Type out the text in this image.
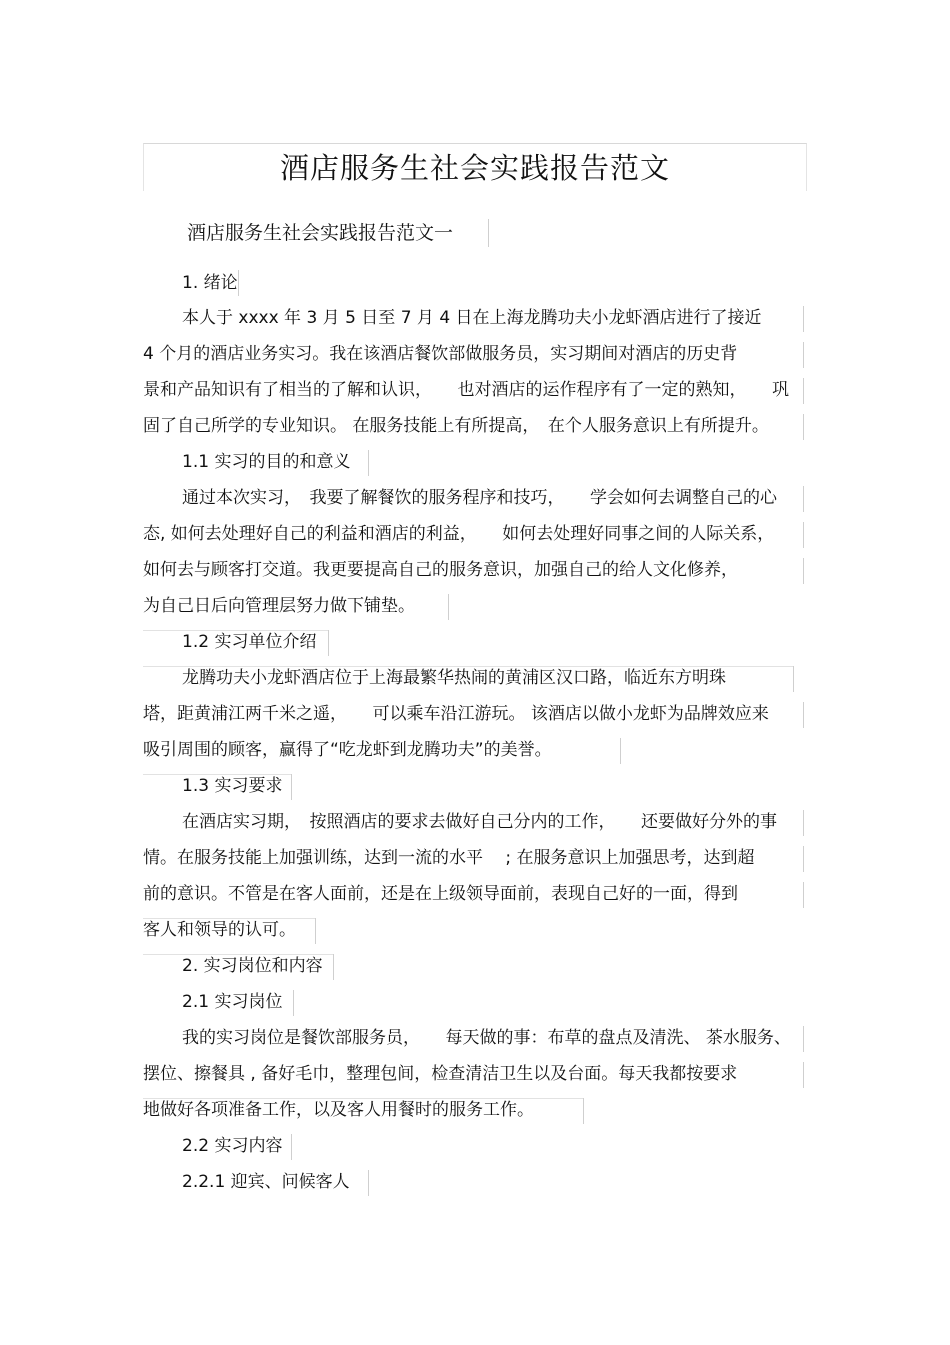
酒店服务生社会实践报告范文
酒店服务生社会实践报告范文一
1. 绪论
本人于 xxxx 年 3 月 5 日至 7 月 4 日在上海龙腾功夫小龙虾酒店进行了接近
4 个月的酒店业务实习。我在该酒店餐饮部做服务员，实习期间对酒店的历史背
景和产品知识有了相当的了解和认识，　　也对酒店的运作程序有了一定的熟知，　　巩
固了自己所学的专业知识。 在服务技能上有所提高，　在个人服务意识上有所提升。
1.1 实习的目的和意义
通过本次实习，　我要了解餐饮的服务程序和技巧，　　学会如何去调整自己的心
态, 如何去处理好自己的利益和酒店的利益，　　如何去处理好同事之间的人际关系，
如何去与顾客打交道。我更要提高自己的服务意识，加强自己的给人文化修养，
为自己日后向管理层努力做下铺垫。
1.2 实习单位介绍
龙腾功夫小龙虾酒店位于上海最繁华热闹的黄浦区汉口路，临近东方明珠
塔，距黄浦江两千米之遥，　　可以乘车沿江游玩。 该酒店以做小龙虾为品牌效应来
吸引周围的顾客，赢得了“吃龙虾到龙腾功夫”的美誉。
1.3 实习要求
在酒店实习期，　按照酒店的要求去做好自己分内的工作，　　还要做好分外的事
情。在服务技能上加强训练，达到一流的水平　 ; 在服务意识上加强思考，达到超
前的意识。不管是在客人面前，还是在上级领导面前，表现自己好的一面，得到
客人和领导的认可。
2. 实习岗位和内容
2.1 实习岗位
我的实习岗位是餐饮部服务员，　　每天做的事：布草的盘点及清洗、 茶水服务、
摆位、擦餐具 , 备好毛巾，整理包间，检查清洁卫生以及台面。每天我都按要求
地做好各项准备工作，以及客人用餐时的服务工作。
2.2 实习内容
2.2.1 迎宾、问候客人
